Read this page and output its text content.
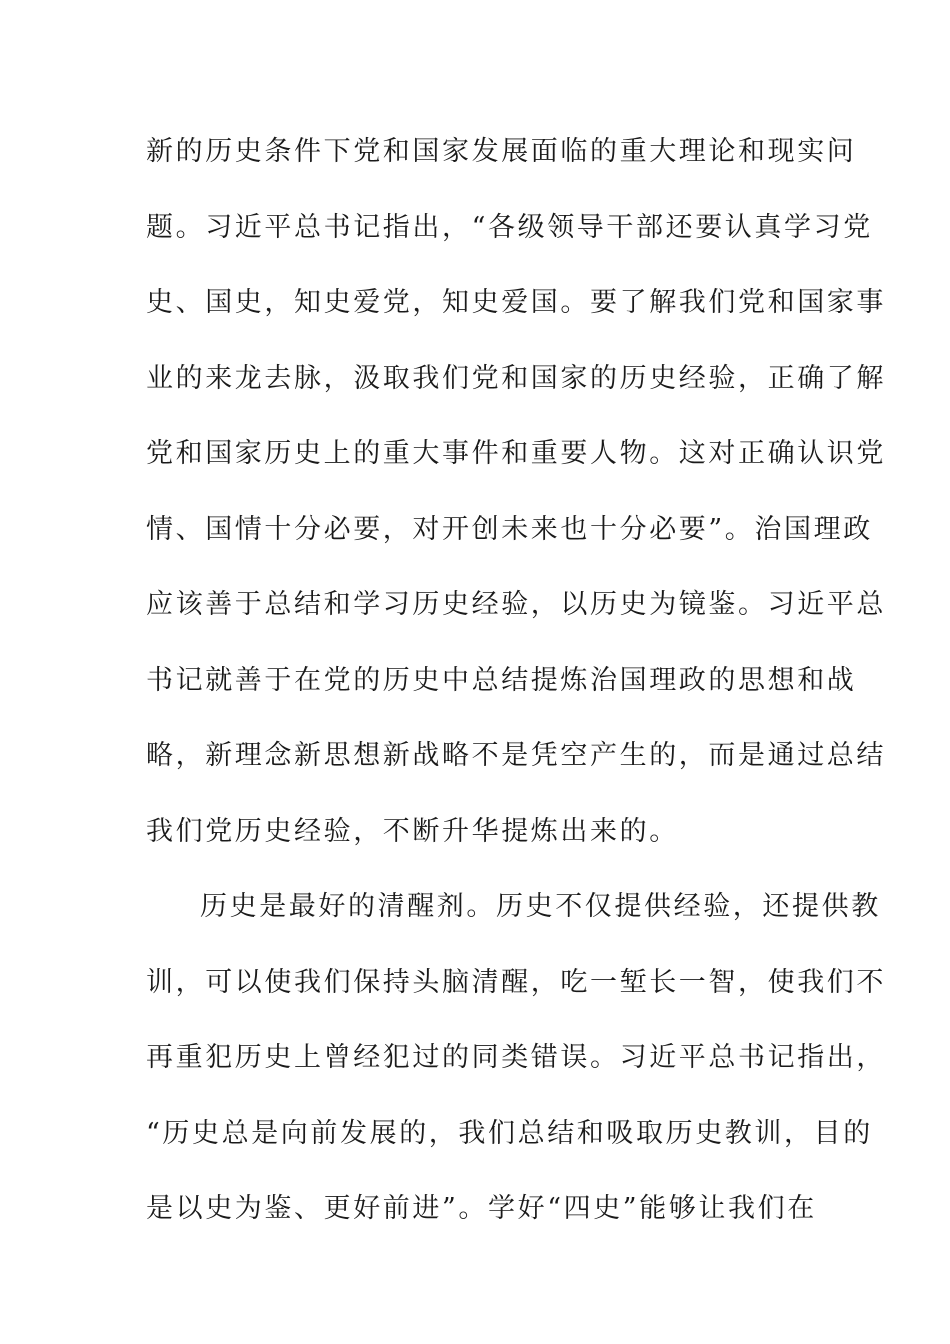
新的历史条件下党和国家发展面临的重大理论和现实问
题。习近平总书记指出，“各级领导干部还要认真学习党
史、国史，知史爱党，知史爱国。要了解我们党和国家事
业的来龙去脉，汲取我们党和国家的历史经验，正确了解
党和国家历史上的重大事件和重要人物。这对正确认识党
情、国情十分必要，对开创未来也十分必要”。治国理政
应该善于总结和学习历史经验，以历史为镜鉴。习近平总
书记就善于在党的历史中总结提炼治国理政的思想和战
略，新理念新思想新战略不是凭空产生的，而是通过总结
我们党历史经验，不断升华提炼出来的。
历史是最好的清醒剂。历史不仅提供经验，还提供教
训，可以使我们保持头脑清醒，吃一堑长一智，使我们不
再重犯历史上曾经犯过的同类错误。习近平总书记指出，
“历史总是向前发展的，我们总结和吸取历史教训，目的
是以史为鉴、更好前进”。学好“四史”能够让我们在
